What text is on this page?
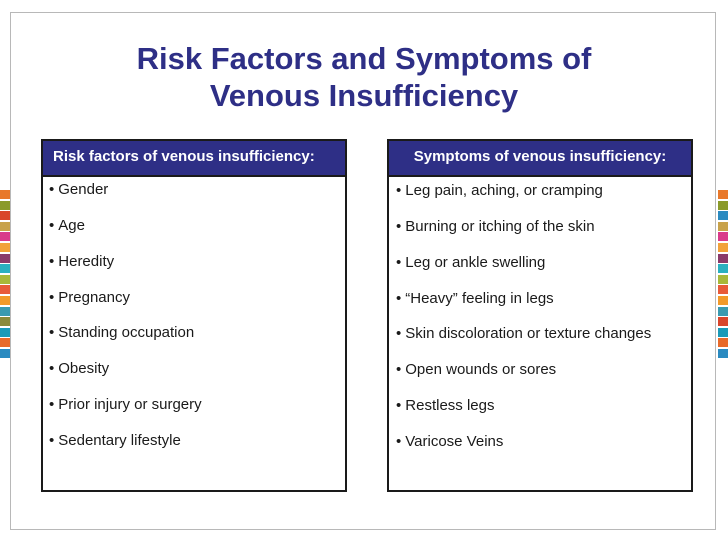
Risk Factors and Symptoms of
Venous Insufficiency
Risk factors of venous insufficiency:
• Gender
• Age
• Heredity
• Pregnancy
• Standing occupation
• Obesity
• Prior injury or surgery
• Sedentary lifestyle
Symptoms of venous insufficiency:
• Leg pain, aching, or cramping
• Burning or itching of the skin
• Leg or ankle swelling
• “Heavy” feeling in legs
• Skin discoloration or texture changes
• Open wounds or sores
• Restless legs
• Varicose Veins
